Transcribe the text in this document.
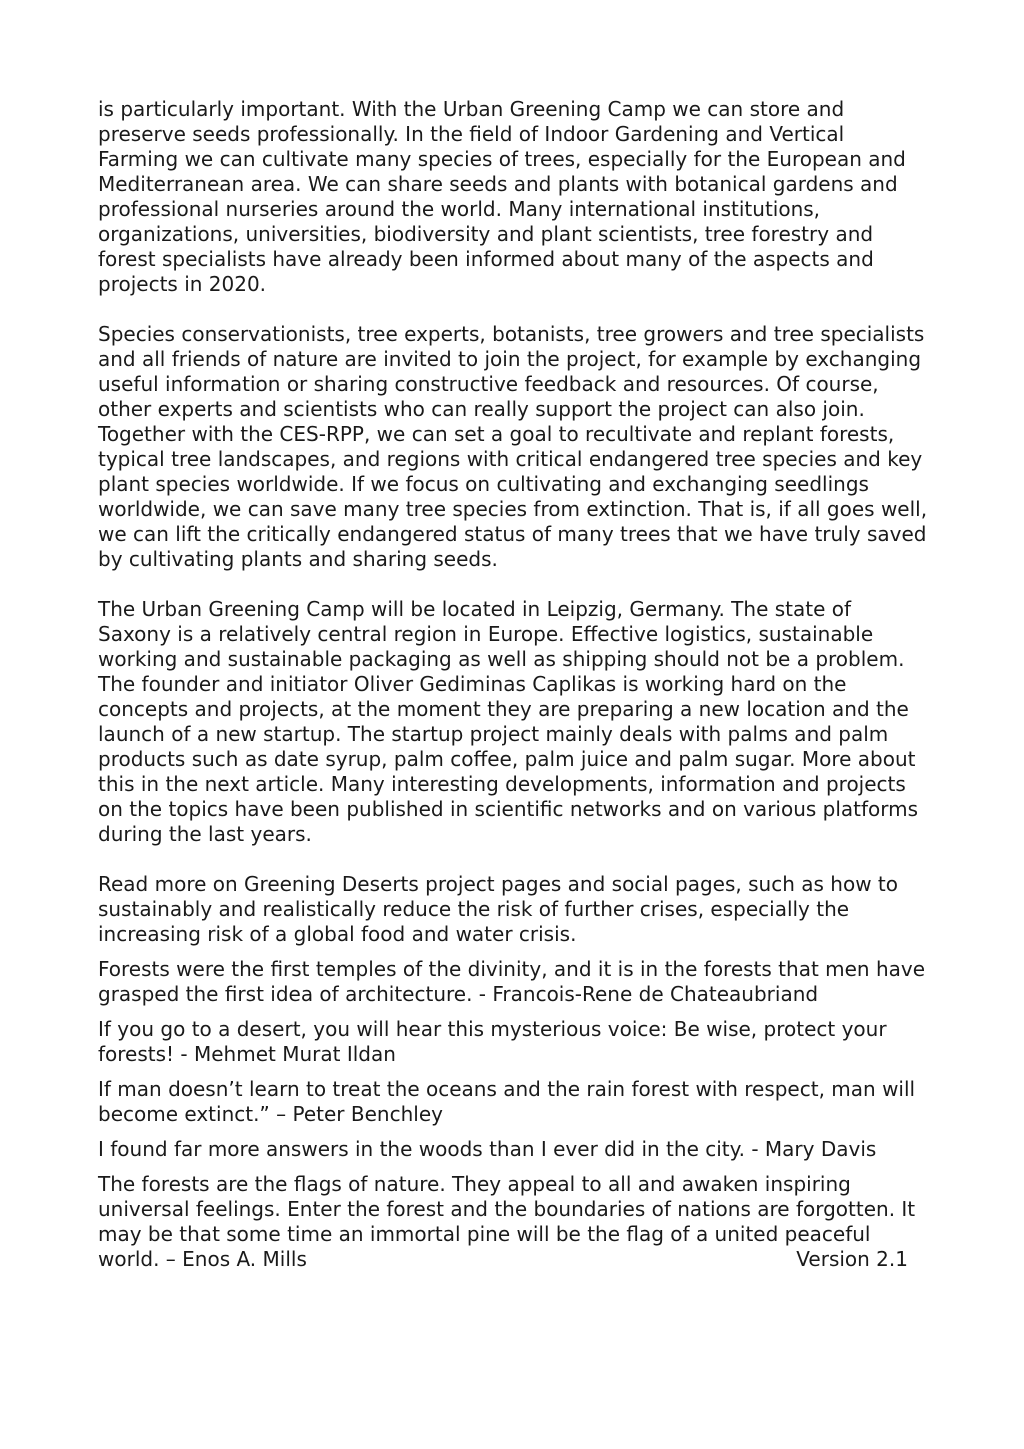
is particularly important. With the Urban Greening Camp we can store and preserve seeds professionally. In the field of Indoor Gardening and Vertical Farming we can cultivate many species of trees, especially for the European and Mediterranean area. We can share seeds and plants with botanical gardens and professional nurseries around the world. Many international institutions, organizations, universities, biodiversity and plant scientists, tree forestry and forest specialists have already been informed about many of the aspects and projects in 2020.

Species conservationists, tree experts, botanists, tree growers and tree specialists and all friends of nature are invited to join the project, for example by exchanging useful information or sharing constructive feedback and resources. Of course, other experts and scientists who can really support the project can also join. Together with the CES-RPP, we can set a goal to recultivate and replant forests, typical tree landscapes, and regions with critical endangered tree species and key plant species worldwide. If we focus on cultivating and exchanging seedlings worldwide, we can save many tree species from extinction. That is, if all goes well, we can lift the critically endangered status of many trees that we have truly saved by cultivating plants and sharing seeds.

The Urban Greening Camp will be located in Leipzig, Germany. The state of Saxony is a relatively central region in Europe. Effective logistics, sustainable working and sustainable packaging as well as shipping should not be a problem. The founder and initiator Oliver Gediminas Caplikas is working hard on the concepts and projects, at the moment they are preparing a new location and the launch of a new startup. The startup project mainly deals with palms and palm products such as date syrup, palm coffee, palm juice and palm sugar. More about this in the next article. Many interesting developments, information and projects on the topics have been published in scientific networks and on various platforms during the last years.

Read more on Greening Deserts project pages and social pages, such as how to sustainably and realistically reduce the risk of further crises, especially the increasing risk of a global food and water crisis.

Forests were the first temples of the divinity, and it is in the forests that men have grasped the first idea of architecture. - Francois-Rene de Chateaubriand

If you go to a desert, you will hear this mysterious voice: Be wise, protect your forests! - Mehmet Murat Ildan

If man doesn’t learn to treat the oceans and the rain forest with respect, man will become extinct.” – Peter Benchley

I found far more answers in the woods than I ever did in the city. - Mary Davis

The forests are the flags of nature. They appeal to all and awaken inspiring universal feelings. Enter the forest and the boundaries of nations are forgotten. It may be that some time an immortal pine will be the flag of a united peaceful

world. – Enos A. Mills	Version 2.1
